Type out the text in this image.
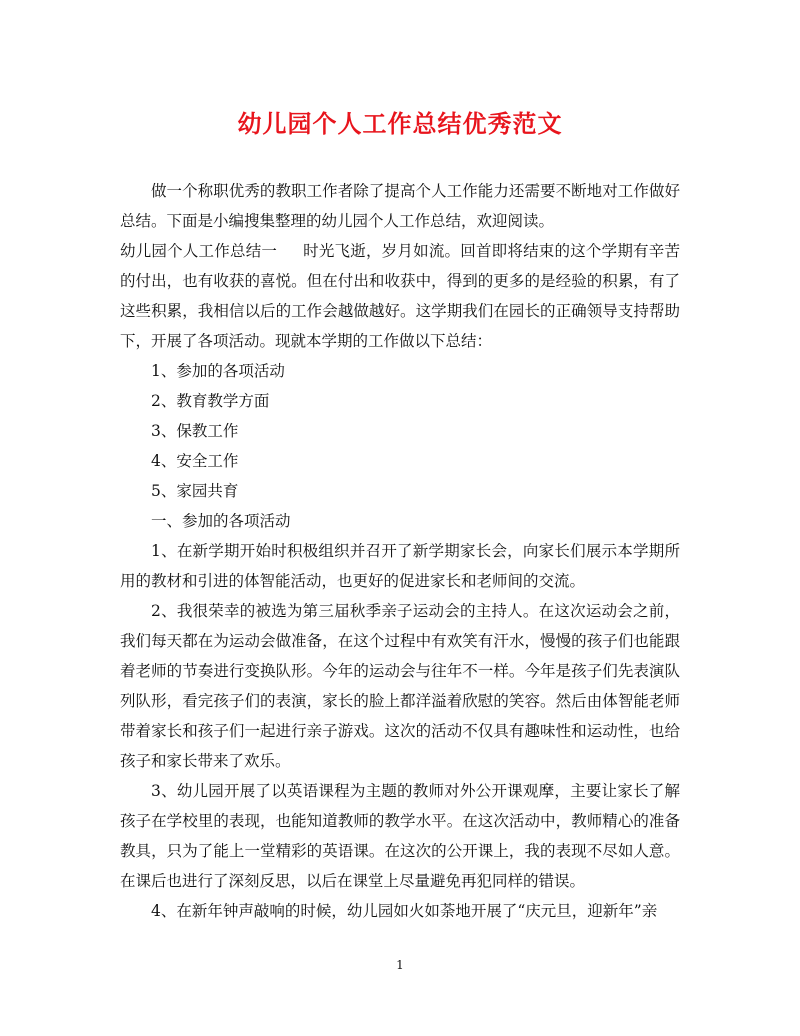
幼儿园个人工作总结优秀范文

做一个称职优秀的教职工作者除了提高个人工作能力还需要不断地对工作做好总结。下面是小编搜集整理的幼儿园个人工作总结，欢迎阅读。

幼儿园个人工作总结一 时光飞逝，岁月如流。回首即将结束的这个学期有辛苦的付出，也有收获的喜悦。但在付出和收获中，得到的更多的是经验的积累，有了这些积累，我相信以后的工作会越做越好。这学期我们在园长的正确领导支持帮助下，开展了各项活动。现就本学期的工作做以下总结：

1、参加的各项活动

2、教育教学方面

3、保教工作

4、安全工作

5、家园共育

一、参加的各项活动

1、在新学期开始时积极组织并召开了新学期家长会，向家长们展示本学期所用的教材和引进的体智能活动，也更好的促进家长和老师间的交流。

2、我很荣幸的被选为第三届秋季亲子运动会的主持人。在这次运动会之前，我们每天都在为运动会做准备，在这个过程中有欢笑有汗水，慢慢的孩子们也能跟着老师的节奏进行变换队形。今年的运动会与往年不一样。今年是孩子们先表演队列队形，看完孩子们的表演，家长的脸上都洋溢着欣慰的笑容。然后由体智能老师带着家长和孩子们一起进行亲子游戏。这次的活动不仅具有趣味性和运动性，也给孩子和家长带来了欢乐。

3、幼儿园开展了以英语课程为主题的教师对外公开课观摩，主要让家长了解孩子在学校里的表现，也能知道教师的教学水平。在这次活动中，教师精心的准备教具，只为了能上一堂精彩的英语课。在这次的公开课上，我的表现不尽如人意。在课后也进行了深刻反思，以后在课堂上尽量避免再犯同样的错误。

4、在新年钟声敲响的时候，幼儿园如火如荼地开展了“庆元旦，迎新年”亲

1
